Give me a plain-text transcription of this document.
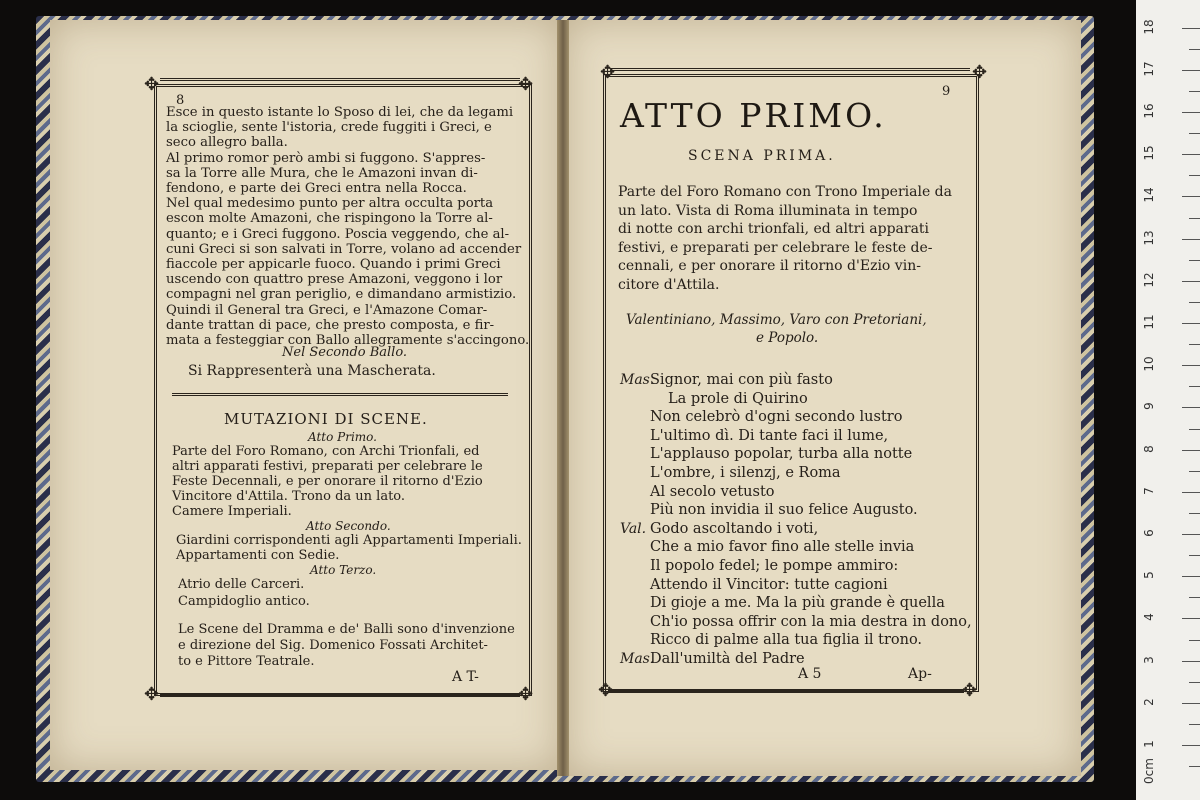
✥	✥
✥	✥
8
Esce in questo istante lo Sposo di lei, che da legami
la scioglie, sente l'istoria, crede fuggiti i Greci, e
seco allegro balla.
Al primo romor però ambi si fuggono. S'appres-
sa la Torre alle Mura, che le Amazoni invan di-
fendono, e parte dei Greci entra nella Rocca.
Nel qual medesimo punto per altra occulta porta
escon molte Amazoni, che rispingono la Torre al-
quanto; e i Greci fuggono. Poscia veggendo, che al-
cuni Greci si son salvati in Torre, volano ad accender
fiaccole per appicarle fuoco. Quando i primi Greci
uscendo con quattro prese Amazoni, veggono i lor
compagni nel gran periglio, e dimandano armistizio.
Quindi il General tra Greci, e l'Amazone Comar-
dante trattan di pace, che presto composta, e fir-
mata a festeggiar con Ballo allegramente s'accingono.
Nel Secondo Ballo.
Si Rappresenterà una Mascherata.
MUTAZIONI DI SCENE.
Atto Primo.
Parte del Foro Romano, con Archi Trionfali, ed
altri apparati festivi, preparati per celebrare le
Feste Decennali, e per onorare il ritorno d'Ezio
Vincitore d'Attila. Trono da un lato.
Camere Imperiali.
Atto Secondo.
Giardini corrispondenti agli Appartamenti Imperiali.
Appartamenti con Sedie.
Atto Terzo.
Atrio delle Carceri.
Campidoglio antico.
Le Scene del Dramma e de' Balli sono d'invenzione
e direzione del Sig. Domenico Fossati Architet-
to e Pittore Teatrale.
A T-
✥	✥
✥	✥
9
ATTO PRIMO.
SCENA PRIMA.
Parte del Foro Romano con Trono Imperiale da
un lato. Vista di Roma illuminata in tempo
di notte con archi trionfali, ed altri apparati
festivi, e preparati per celebrare le feste de-
cennali, e per onorare il ritorno d'Ezio vin-
citore d'Attila.
Valentiniano, Massimo, Varo con Pretoriani,
e Popolo.
Mas.
Signor, mai con più fasto
La prole di Quirino
Non celebrò d'ogni secondo lustro
L'ultimo dì. Di tante faci il lume,
L'applauso popolar, turba alla notte
L'ombre, i silenzj, e Roma
Al secolo vetusto
Più non invidia il suo felice Augusto.
Val. Godo ascoltando i voti,
Che a mio favor fino alle stelle invia
Il popolo fedel; le pompe ammiro:
Attendo il Vincitor: tutte cagioni
Di gioje a me. Ma la più grande è quella
Ch'io possa offrir con la mia destra in dono,
Ricco di palme alla tua figlia il trono.
Mas.
Dall'umiltà del Padre
A 5	Ap-
0cm
1
2
3
4
5
6
7
8
9
10
11
12
13
14
15
16
17
18
